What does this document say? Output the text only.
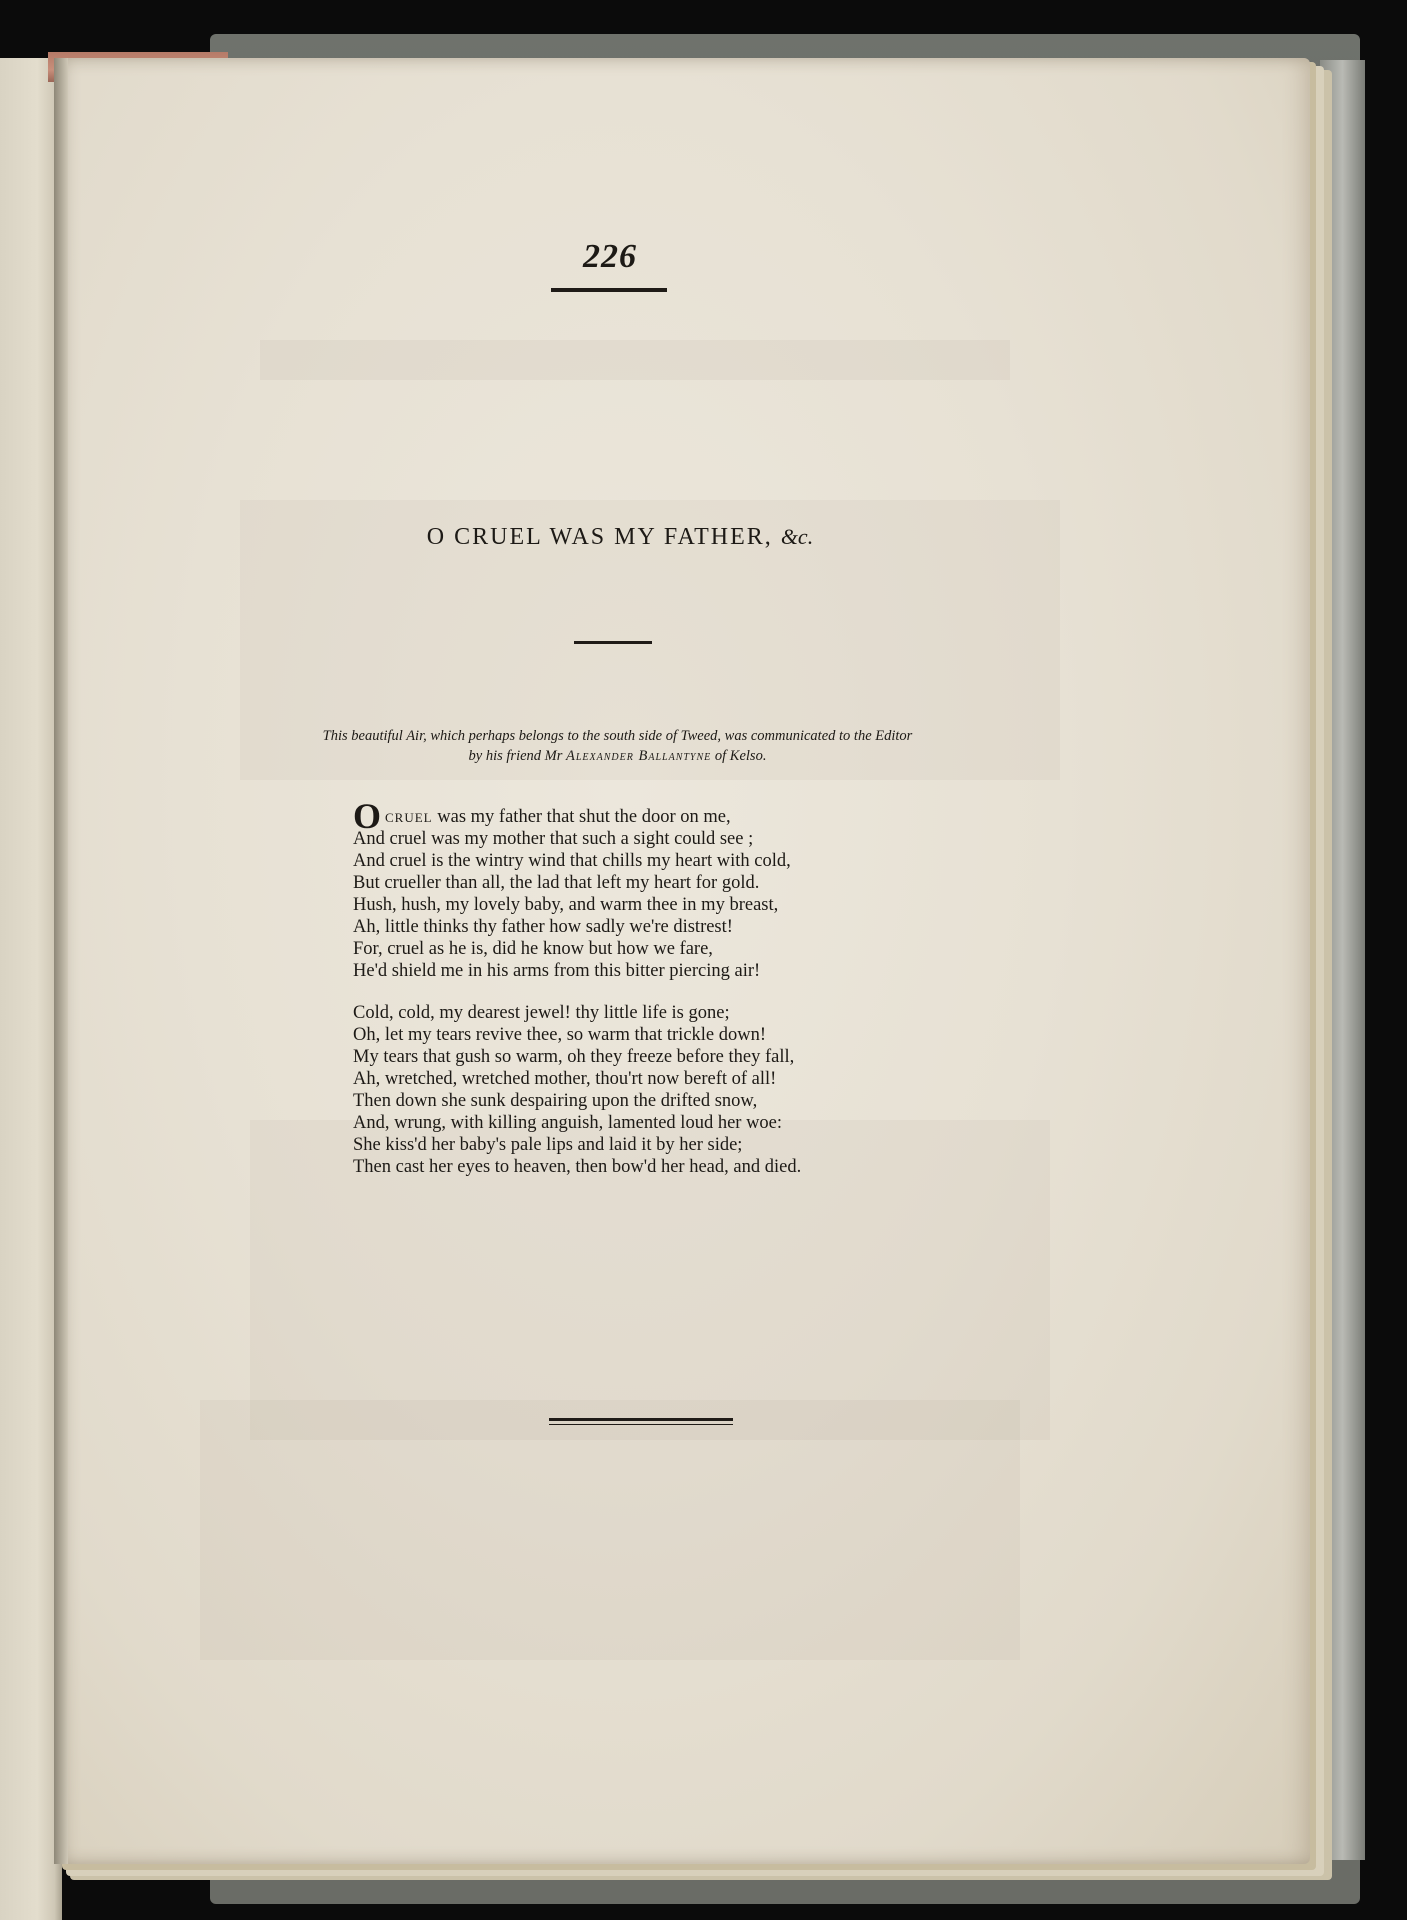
226
O CRUEL WAS MY FATHER, &c.
This beautiful Air, which perhaps belongs to the south side of Tweed, was communicated to the Editor
by his friend Mr Alexander Ballantyne of Kelso.
Ocruel was my father that shut the door on me,
And cruel was my mother that such a sight could see ;
And cruel is the wintry wind that chills my heart with cold,
But crueller than all, the lad that left my heart for gold.
Hush, hush, my lovely baby, and warm thee in my breast,
Ah, little thinks thy father how sadly we're distrest!
For, cruel as he is, did he know but how we fare,
He'd shield me in his arms from this bitter piercing air!
Cold, cold, my dearest jewel! thy little life is gone;
Oh, let my tears revive thee, so warm that trickle down!
My tears that gush so warm, oh they freeze before they fall,
Ah, wretched, wretched mother, thou'rt now bereft of all!
Then down she sunk despairing upon the drifted snow,
And, wrung, with killing anguish, lamented loud her woe:
She kiss'd her baby's pale lips and laid it by her side;
Then cast her eyes to heaven, then bow'd her head, and died.
